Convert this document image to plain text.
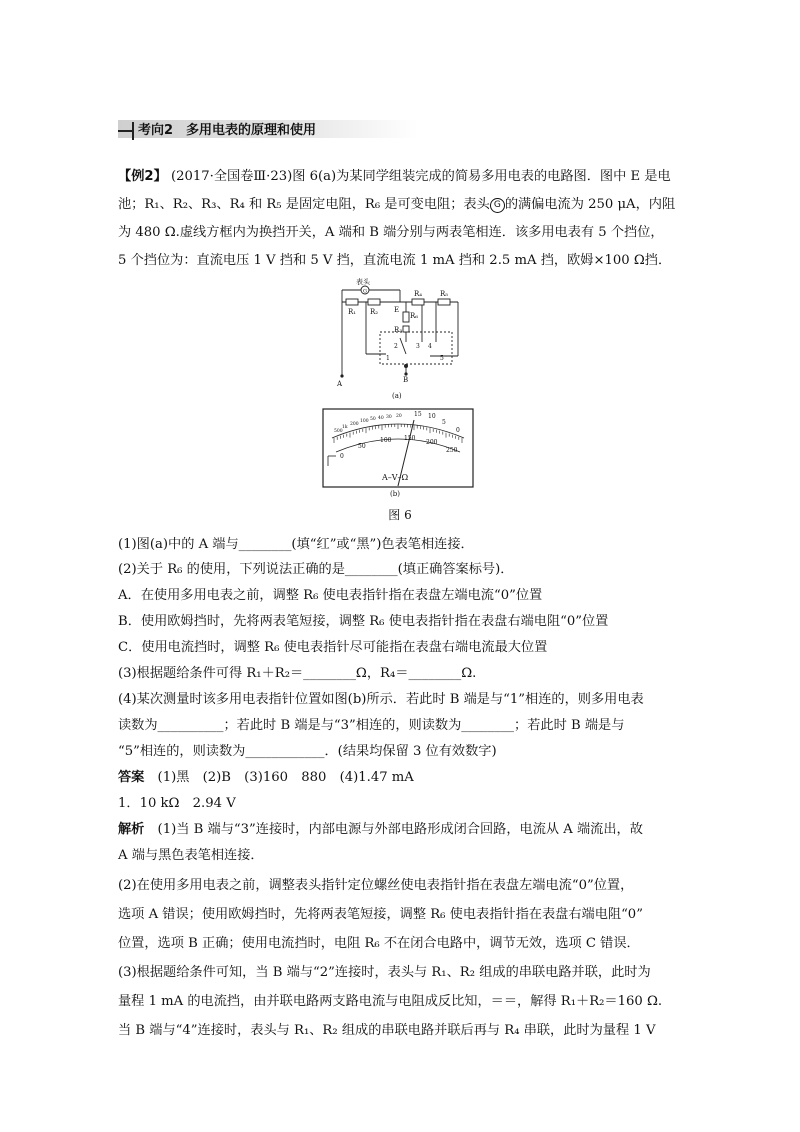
考向2　多用电表的原理和使用
【例2】 (2017·全国卷Ⅲ·23)图 6(a)为某同学组装完成的简易多用电表的电路图．图中 E 是电
池；R₁、R₂、R₃、R₄ 和 R₅ 是固定电阻，R₆ 是可变电阻；表头 G 的满偏电流为 250 μA，内阻
为 480 Ω.虚线方框内为换挡开关，A 端和 B 端分别与两表笔相连．该多用电表有 5 个挡位，
5 个挡位为：直流电压 1 V 挡和 5 V 挡，直流电流 1 mA 挡和 2.5 mA 挡，欧姆×100 Ω挡．
表头
G
R₁ R₂
R₄	R₅
R₆
R₃
E
A	B
1
2	3 4
5
(a)
15 10
5
0
500
1k
200
100 50 40 30 20
0
50
100 150
200
250
A–V–Ω
(b)
图 6
(1)图(a)中的 A 端与________(填“红”或“黑”)色表笔相连接．
(2)关于 R₆ 的使用，下列说法正确的是________(填正确答案标号)．
A．在使用多用电表之前，调整 R₆ 使电表指针指在表盘左端电流“0”位置
B．使用欧姆挡时，先将两表笔短接，调整 R₆ 使电表指针指在表盘右端电阻“0”位置
C．使用电流挡时，调整 R₆ 使电表指针尽可能指在表盘右端电流最大位置
(3)根据题给条件可得 R₁＋R₂＝________Ω，R₄＝________Ω.
(4)某次测量时该多用电表指针位置如图(b)所示．若此时 B 端是与“1”相连的，则多用电表
读数为__________；若此时 B 端是与“3”相连的，则读数为________；若此时 B 端是与
“5”相连的，则读数为____________．(结果均保留 3 位有效数字)
答案　(1)黑　(2)B　(3)160　880　(4)1.47 mA
1．10 kΩ　2.94 V
解析　(1)当 B 端与“3”连接时，内部电源与外部电路形成闭合回路，电流从 A 端流出，故
A 端与黑色表笔相连接．
(2)在使用多用电表之前，调整表头指针定位螺丝使电表指针指在表盘左端电流“0”位置，
选项 A 错误；使用欧姆挡时，先将两表笔短接，调整 R₆ 使电表指针指在表盘右端电阻“0”
位置，选项 B 正确；使用电流挡时，电阻 R₆ 不在闭合电路中，调节无效，选项 C 错误．
(3)根据题给条件可知，当 B 端与“2”连接时，表头与 R₁、R₂ 组成的串联电路并联，此时为
量程 1 mA 的电流挡，由并联电路两支路电流与电阻成反比知，＝＝，解得 R₁＋R₂＝160 Ω.
当 B 端与“4”连接时，表头与 R₁、R₂ 组成的串联电路并联后再与 R₄ 串联，此时为量程 1 V
